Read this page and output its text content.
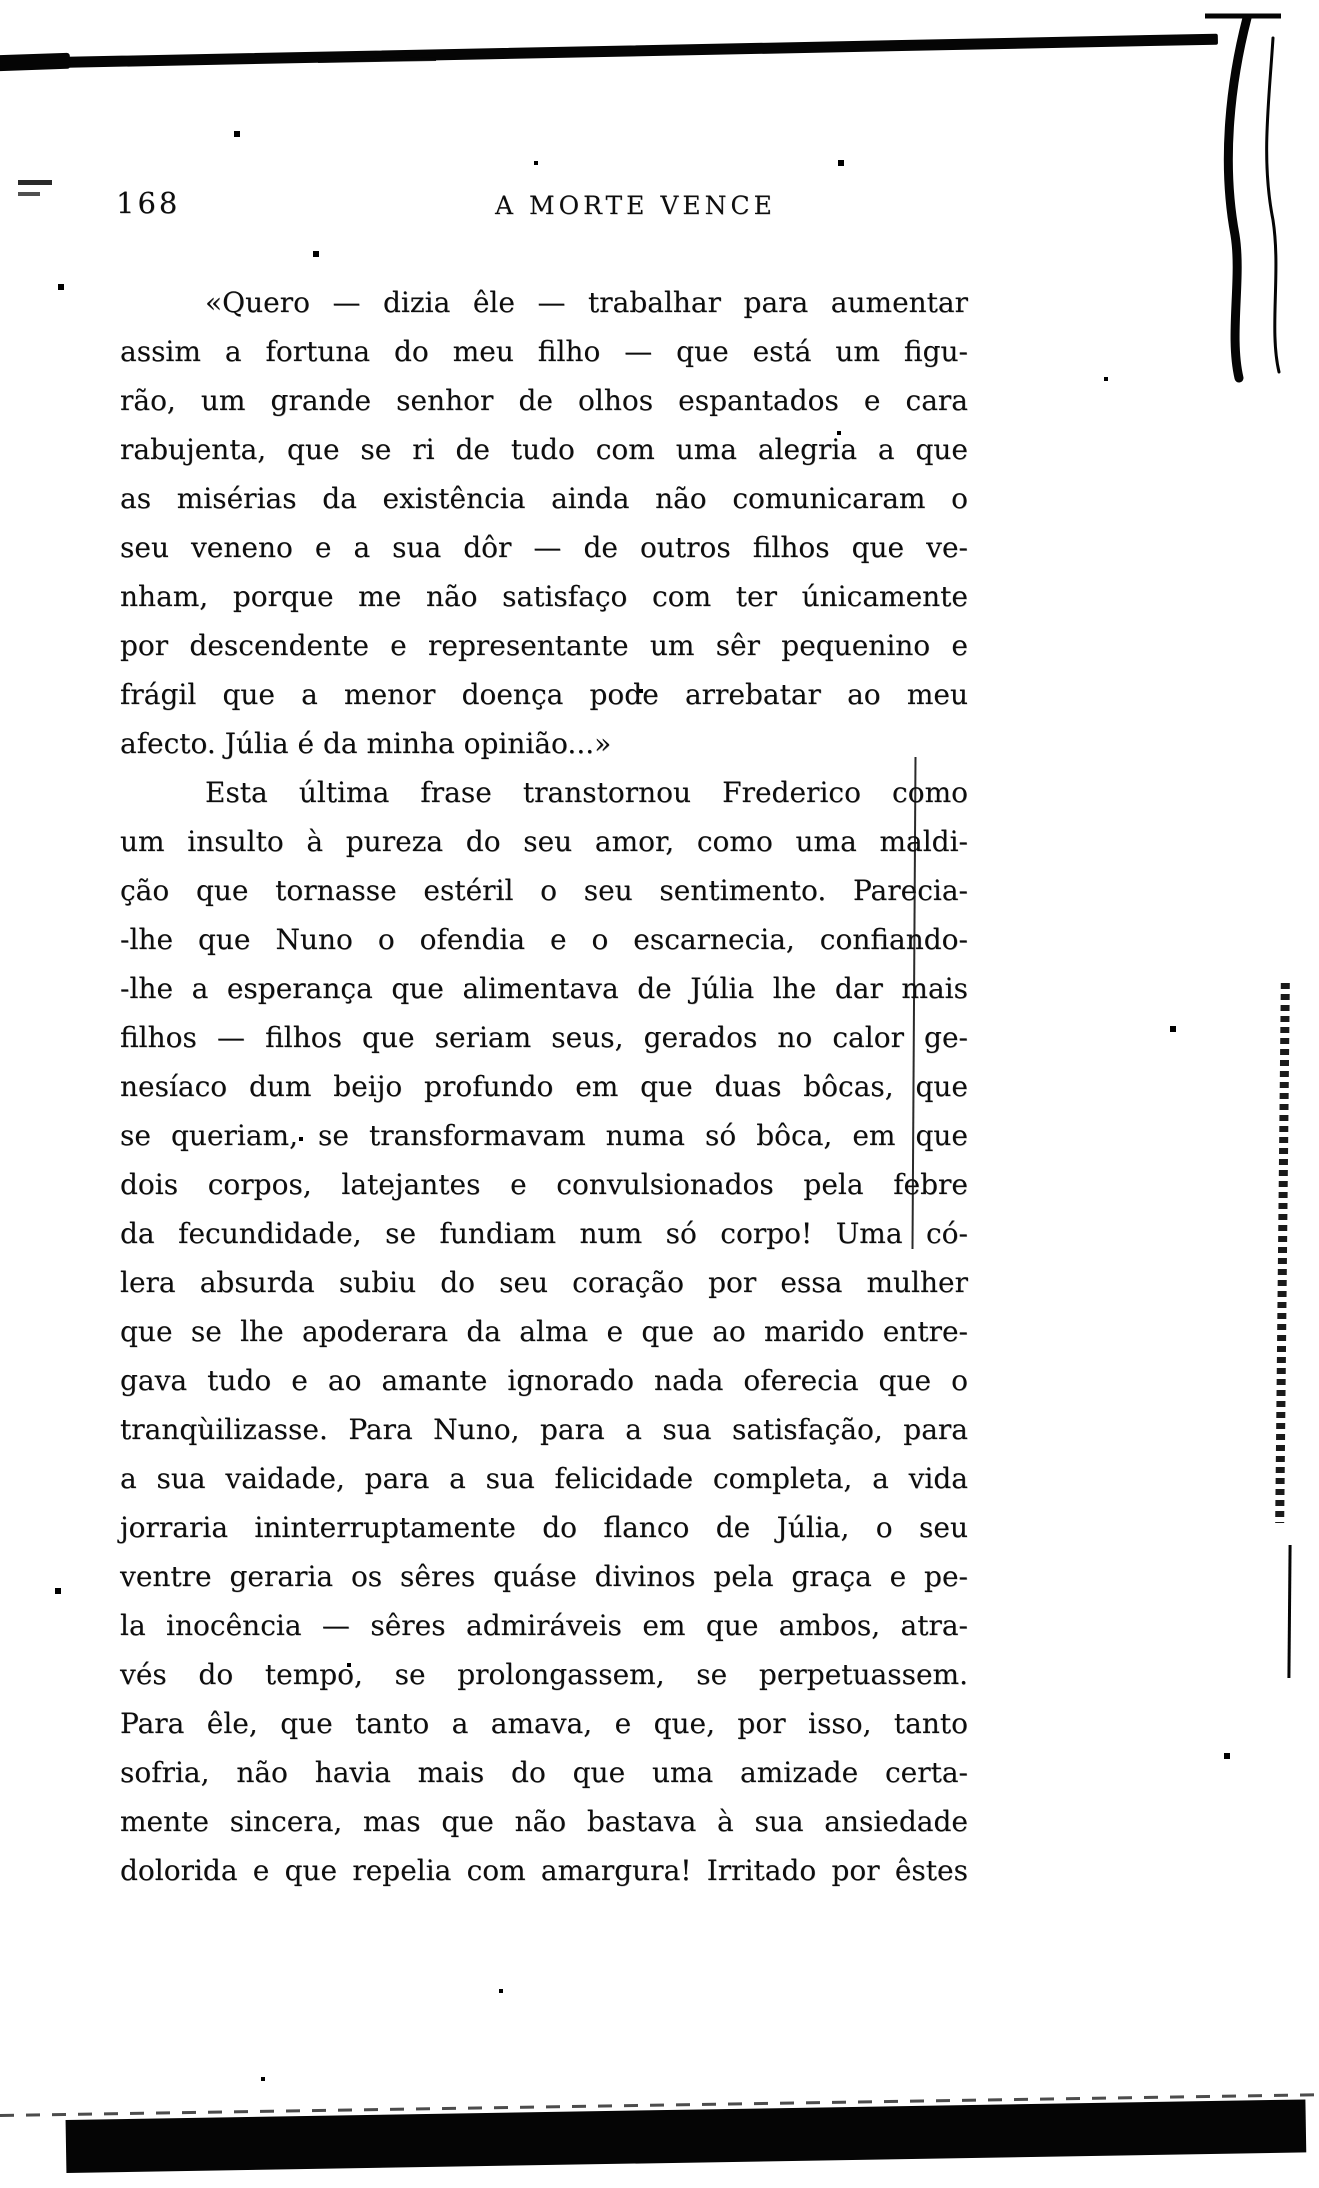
168	A MORTE VENCE
«Quero — dizia êle — trabalhar para aumentar
assim a fortuna do meu filho — que está um figu-
rão, um grande senhor de olhos espantados e cara
rabujenta, que se ri de tudo com uma alegria a que
as misérias da existência ainda não comunicaram o
seu veneno e a sua dôr — de outros filhos que ve-
nham, porque me não satisfaço com ter únicamente
por descendente e representante um sêr pequenino e
frágil que a menor doença pode arrebatar ao meu
afecto. Júlia é da minha opinião...»
Esta última frase transtornou Frederico como
um insulto à pureza do seu amor, como uma maldi-
ção que tornasse estéril o seu sentimento. Parecia-
-lhe que Nuno o ofendia e o escarnecia, confiando-
-lhe a esperança que alimentava de Júlia lhe dar mais
filhos — filhos que seriam seus, gerados no calor ge-
nesíaco dum beijo profundo em que duas bôcas, que
se queriam, se transformavam numa só bôca, em que
dois corpos, latejantes e convulsionados pela febre
da fecundidade, se fundiam num só corpo! Uma có-
lera absurda subiu do seu coração por essa mulher
que se lhe apoderara da alma e que ao marido entre-
gava tudo e ao amante ignorado nada oferecia que o
tranqùilizasse. Para Nuno, para a sua satisfação, para
a sua vaidade, para a sua felicidade completa, a vida
jorraria ininterruptamente do flanco de Júlia, o seu
ventre geraria os sêres quáse divinos pela graça e pe-
la inocência — sêres admiráveis em que ambos, atra-
vés do tempo, se prolongassem, se perpetuassem.
Para êle, que tanto a amava, e que, por isso, tanto
sofria, não havia mais do que uma amizade certa-
mente sincera, mas que não bastava à sua ansiedade
dolorida e que repelia com amargura! Irritado por êstes
